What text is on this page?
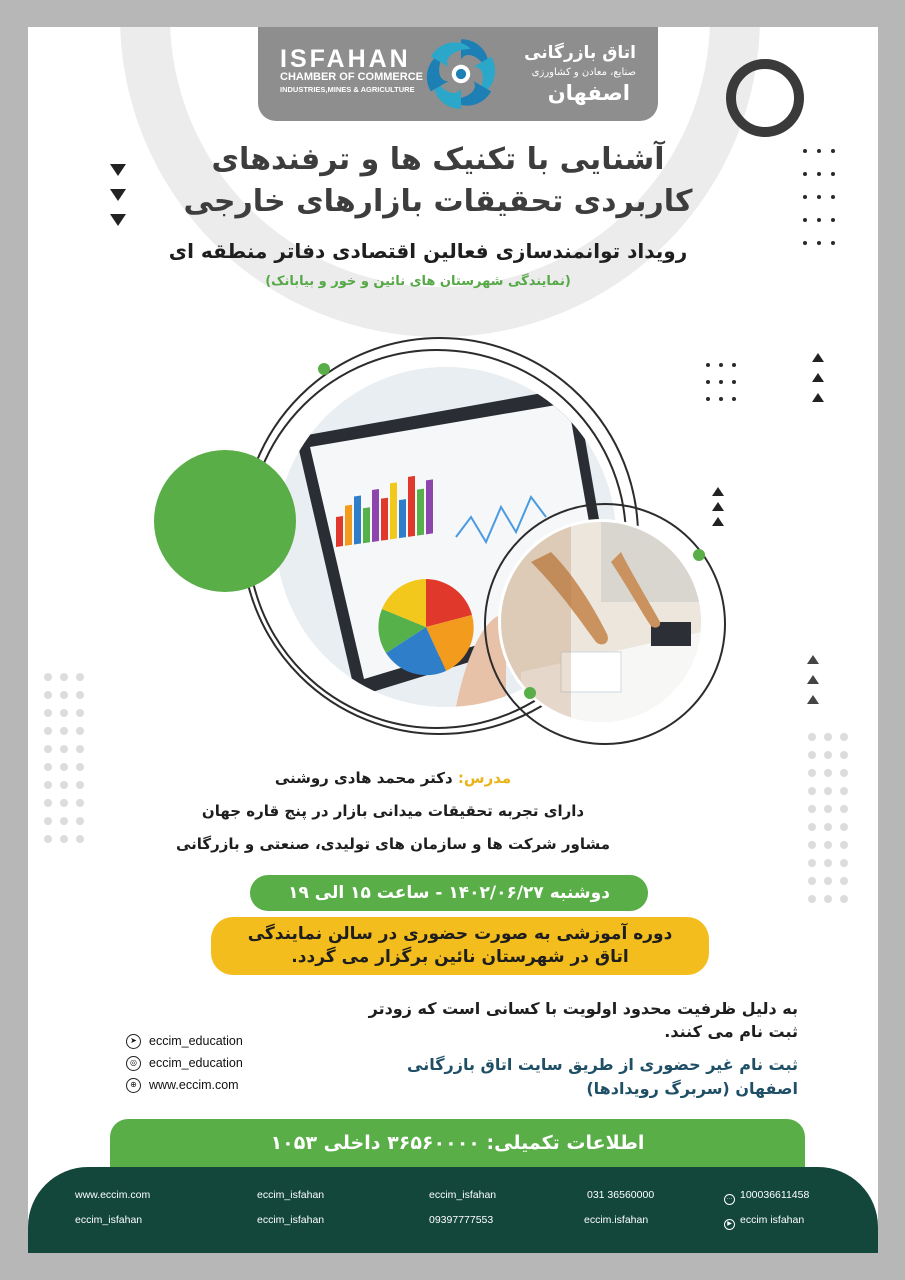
ISFAHAN
CHAMBER OF COMMERCE
INDUSTRIES,MINES & AGRICULTURE
اتاق بازرگانی
صنایع، معادن و کشاورزی
اصفهان
آشنایی با تکنیک ها و ترفندهای
کاربردی تحقیقات بازارهای خارجی
رویداد توانمندسازی فعالین اقتصادی دفاتر منطقه ای
(نمایندگی شهرستان های نائین و خور و بیابانک)
مدرس: دکتر محمد هادی روشنی
دارای تجربه تحقیقات میدانی بازار در پنج قاره جهان
مشاور شرکت ها و سازمان های تولیدی، صنعتی و بازرگانی
دوشنبه ۱۴۰۲/۰۶/۲۷ - ساعت ۱۵ الی ۱۹
دوره آموزشی به صورت حضوری در سالن نمایندگی
اتاق در شهرستان نائین برگزار می گردد.
به دلیل ظرفیت محدود اولویت با کسانی است که زودتر
ثبت نام می کنند.
ثبت نام غیر حضوری از طریق سایت اتاق بازرگانی
اصفهان (سربرگ رویدادها)
➤ eccim_education
◎ eccim_education
⊕ www.eccim.com
اطلاعات تکمیلی: ۳۶۵۶۰۰۰۰ داخلی ۱۰۵۳
www.eccim.com	eccim_isfahan	eccim_isfahan	031 36560000	··· 100036611458
eccim_isfahan	eccim_isfahan	09397777553	eccim.isfahan	▶ eccim isfahan
